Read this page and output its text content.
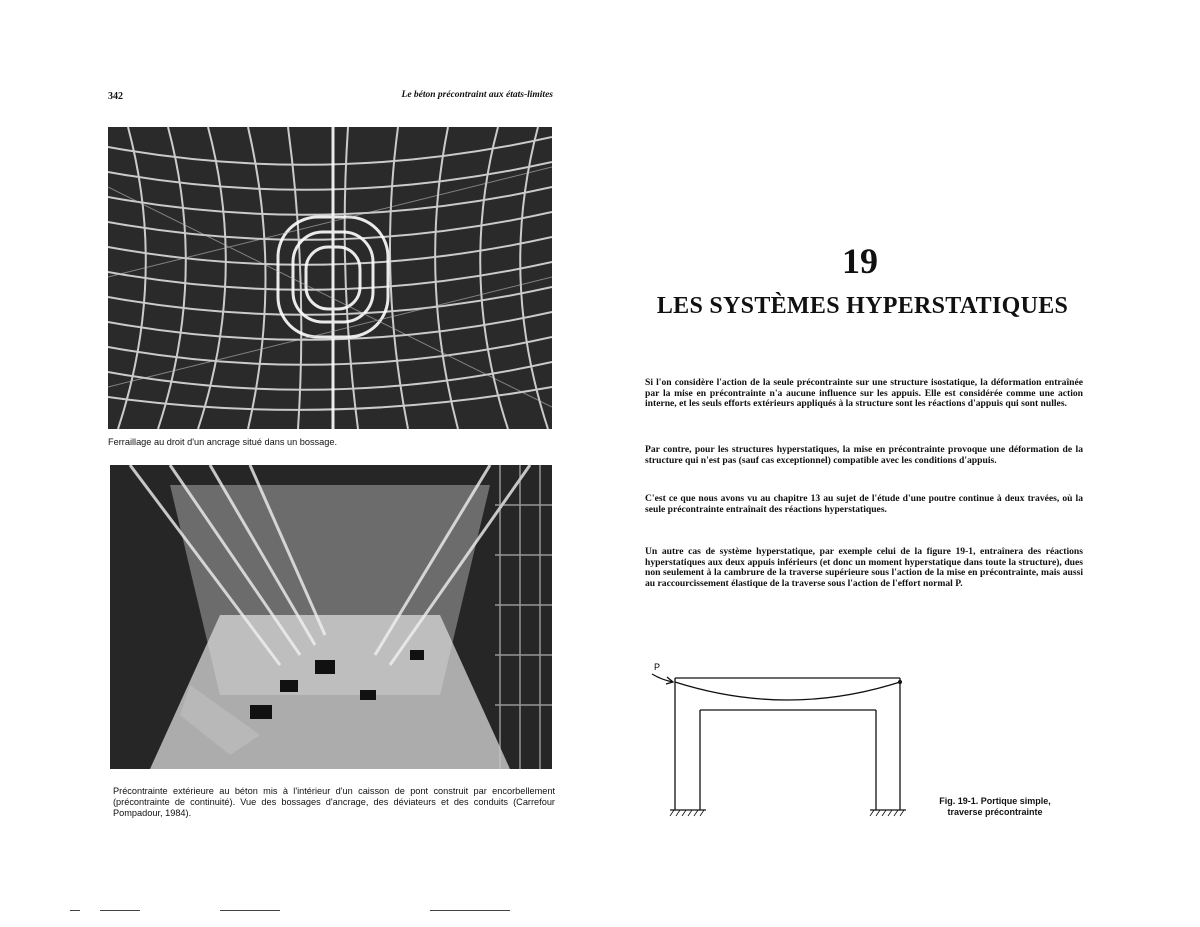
342	Le béton précontraint aux états-limites
Ferraillage au droit d'un ancrage situé dans un bossage.
Précontrainte extérieure au béton mis à l'intérieur d'un caisson de pont construit par encorbellement (précontrainte de continuité). Vue des bossages d'ancrage, des déviateurs et des conduits (Carrefour Pompadour, 1984).
19
LES SYSTÈMES HYPERSTATIQUES

Si l'on considère l'action de la seule précontrainte sur une structure isostatique, la déformation entraînée par la mise en précontrainte n'a aucune influence sur les appuis. Elle est considérée comme une action interne, et les seuls efforts extérieurs appliqués à la structure sont les réactions d'appuis qui sont nulles.

Par contre, pour les structures hyperstatiques, la mise en précontrainte provoque une déformation de la structure qui n'est pas (sauf cas exceptionnel) compatible avec les conditions d'appuis.

C'est ce que nous avons vu au chapitre 13 au sujet de l'étude d'une poutre continue à deux travées, où la seule précontrainte entraînait des réactions hyperstatiques.

Un autre cas de système hyperstatique, par exemple celui de la figure 19-1, entraînera des réactions hyperstatiques aux deux appuis inférieurs (et donc un moment hyperstatique dans toute la structure), dues non seulement à la cambrure de la traverse supérieure sous l'action de la mise en précontrainte, mais aussi au raccourcissement élastique de la traverse sous l'action de l'effort normal P.

P
Fig. 19-1. Portique simple,
traverse précontrainte
